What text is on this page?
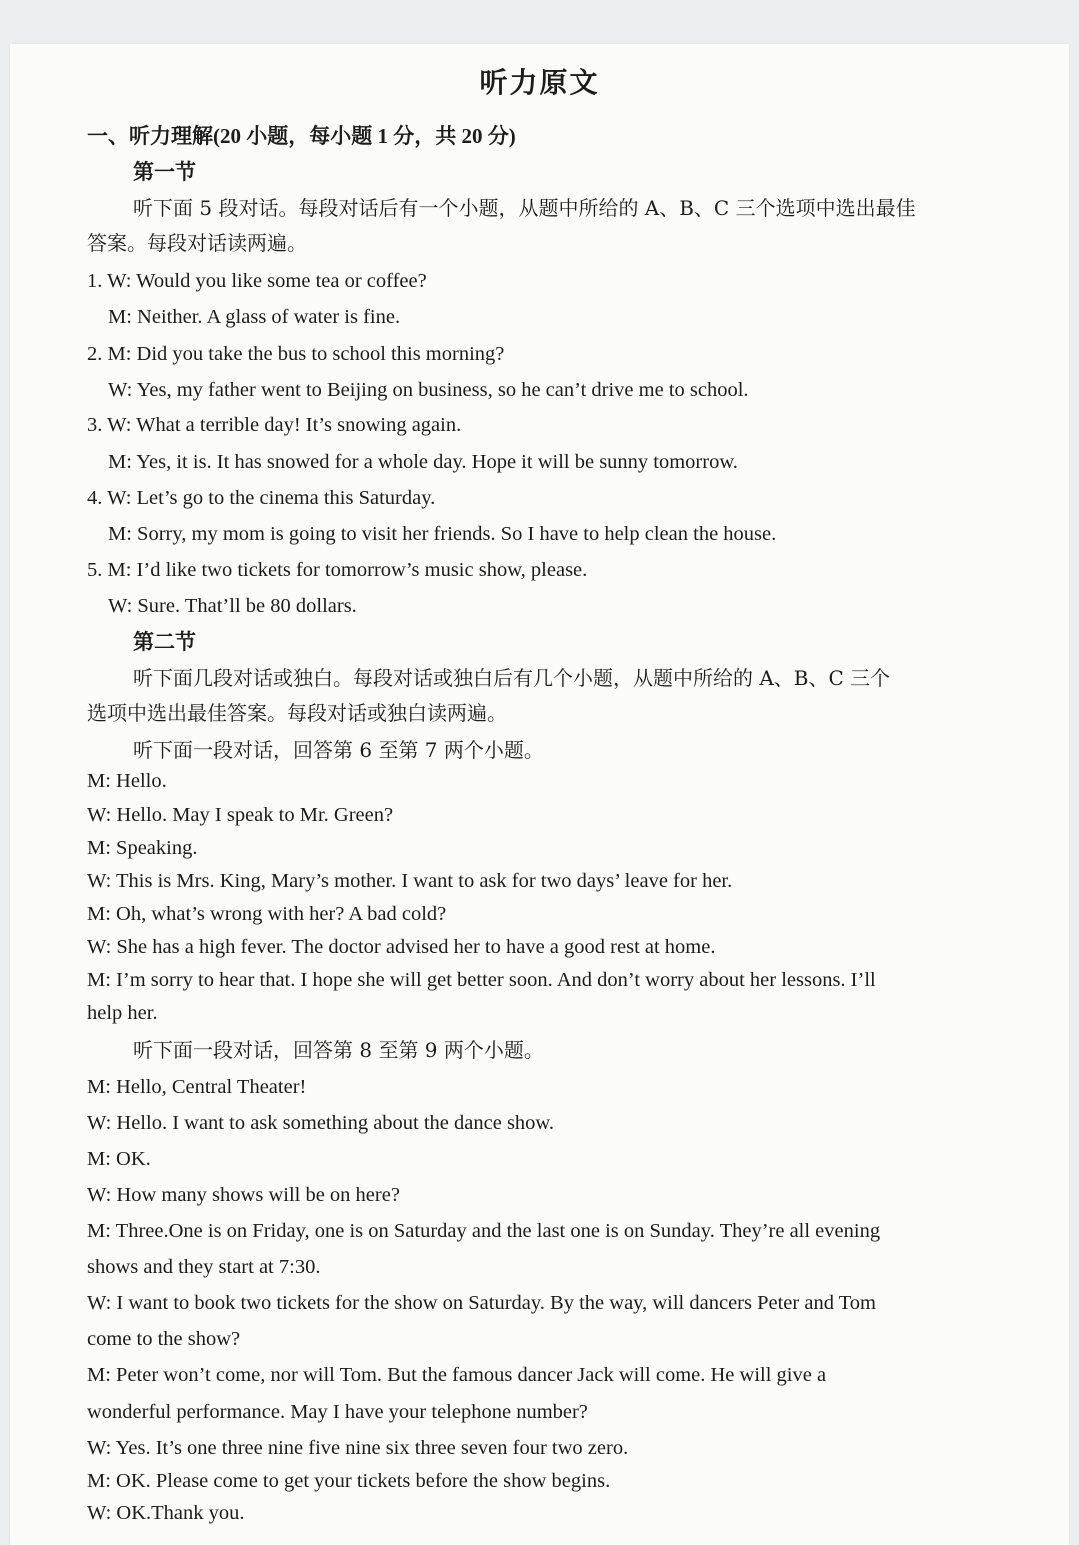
听力原文
一、听力理解(20 小题，每小题 1 分，共 20 分)
第一节
听下面 5 段对话。每段对话后有一个小题，从题中所给的 A、B、C 三个选项中选出最佳
答案。每段对话读两遍。
1. W: Would you like some tea or coffee?
M: Neither. A glass of water is fine.
2. M: Did you take the bus to school this morning?
W: Yes, my father went to Beijing on business, so he can’t drive me to school.
3. W: What a terrible day! It’s snowing again.
M: Yes, it is. It has snowed for a whole day. Hope it will be sunny tomorrow.
4. W: Let’s go to the cinema this Saturday.
M: Sorry, my mom is going to visit her friends. So I have to help clean the house.
5. M: I’d like two tickets for tomorrow’s music show, please.
W: Sure. That’ll be 80 dollars.
第二节
听下面几段对话或独白。每段对话或独白后有几个小题，从题中所给的 A、B、C 三个
选项中选出最佳答案。每段对话或独白读两遍。
听下面一段对话，回答第 6 至第 7 两个小题。
M: Hello.
W: Hello. May I speak to Mr. Green?
M: Speaking.
W: This is Mrs. King, Mary’s mother. I want to ask for two days’ leave for her.
M: Oh, what’s wrong with her? A bad cold?
W: She has a high fever. The doctor advised her to have a good rest at home.
M: I’m sorry to hear that. I hope she will get better soon. And don’t worry about her lessons. I’ll
help her.
听下面一段对话，回答第 8 至第 9 两个小题。
M: Hello, Central Theater!
W: Hello. I want to ask something about the dance show.
M: OK.
W: How many shows will be on here?
M: Three.One is on Friday, one is on Saturday and the last one is on Sunday. They’re all evening
shows and they start at 7:30.
W: I want to book two tickets for the show on Saturday. By the way, will dancers Peter and Tom
come to the show?
M: Peter won’t come, nor will Tom. But the famous dancer Jack will come. He will give a
wonderful performance. May I have your telephone number?
W: Yes. It’s one three nine five nine six three seven four two zero.
M: OK. Please come to get your tickets before the show begins.
W: OK.Thank you.
